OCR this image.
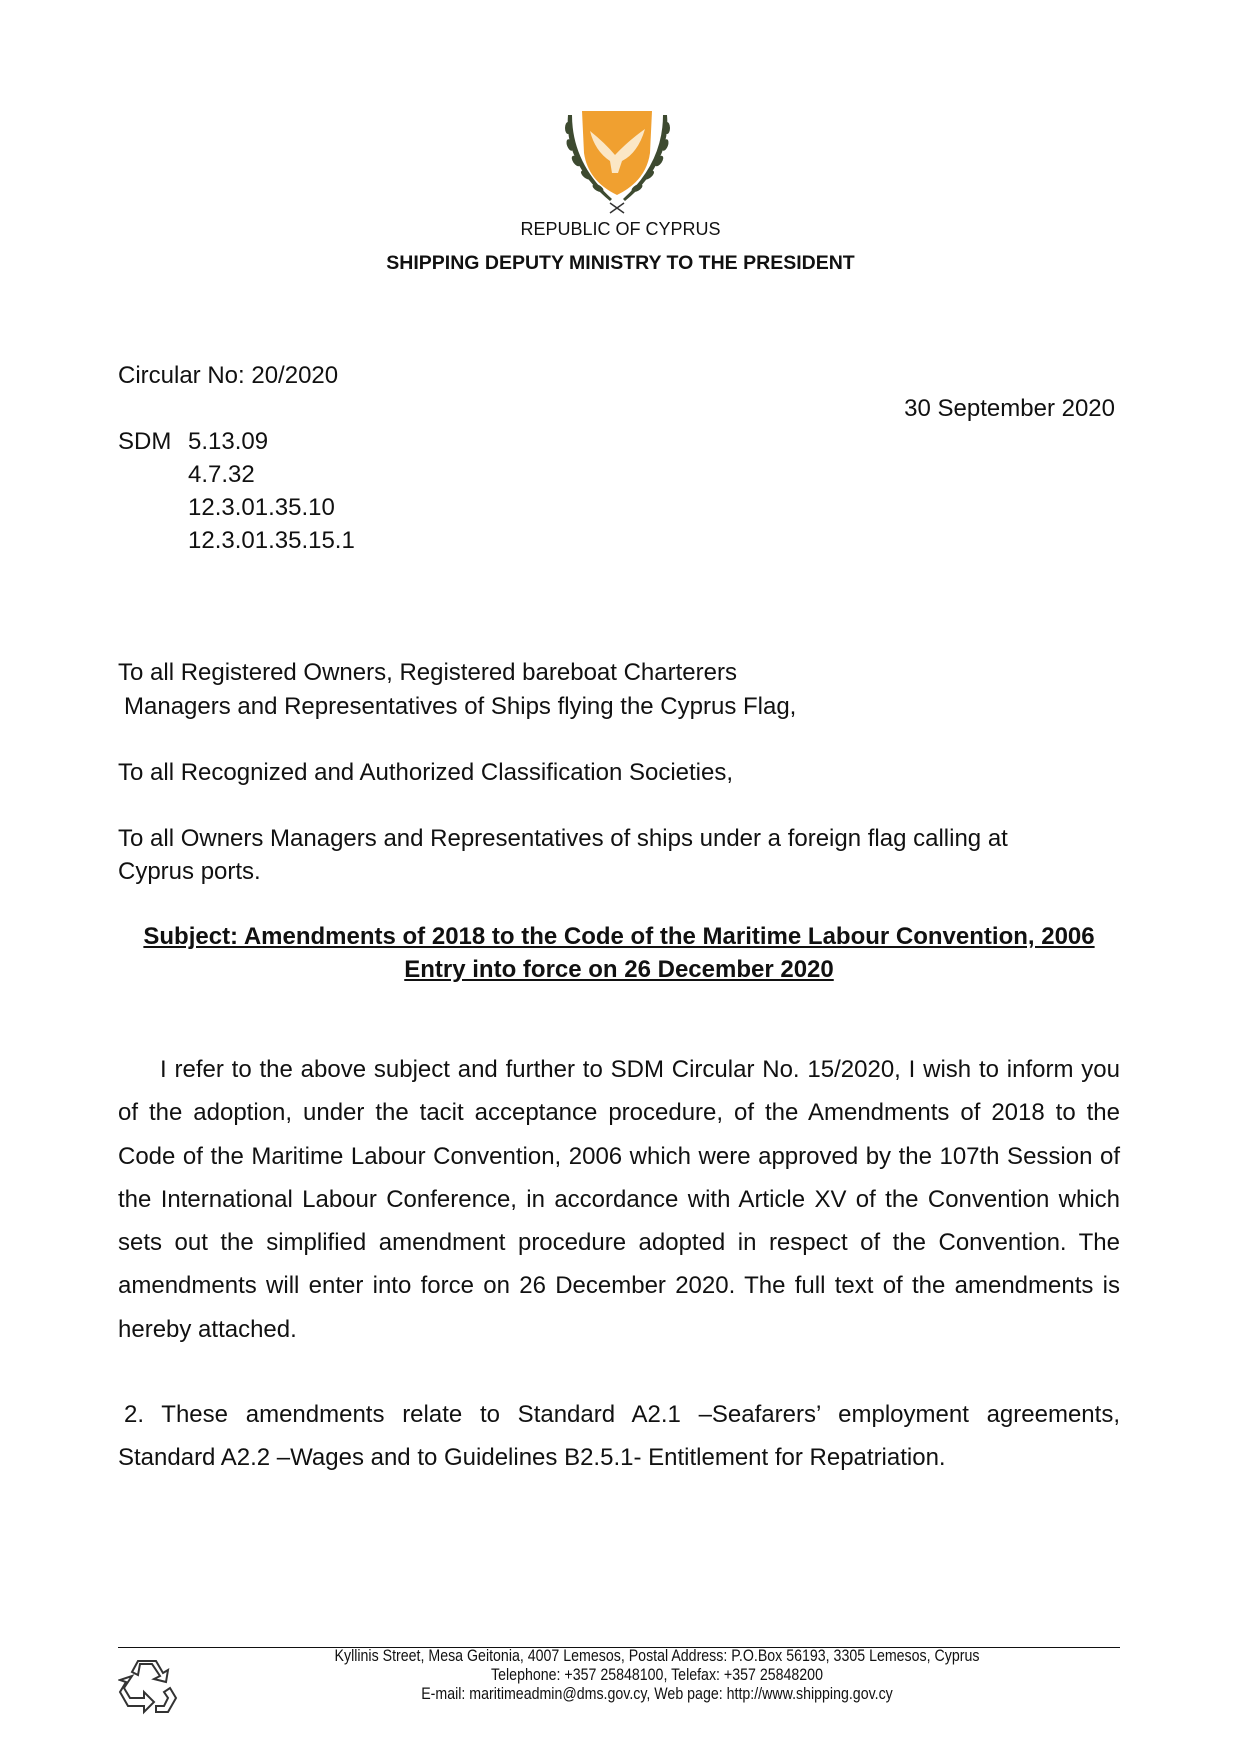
REPUBLIC OF CYPRUS
SHIPPING DEPUTY MINISTRY TO THE PRESIDENT
Circular No: 20/2020
30 September 2020
SDM 5.13.09
4.7.32
12.3.01.35.10
12.3.01.35.15.1
To all Registered Owners, Registered bareboat Charterers
Managers and Representatives of Ships flying the Cyprus Flag,
To all Recognized and Authorized Classification Societies,
To all Owners Managers and Representatives of ships under a foreign flag calling at
Cyprus ports.
Subject: Amendments of 2018 to the Code of the Maritime Labour Convention, 2006
Entry into force on 26 December 2020
I refer to the above subject and further to SDM Circular No. 15/2020, I wish to inform you of the adoption, under the tacit acceptance procedure, of the Amendments of 2018 to the Code of the Maritime Labour Convention, 2006 which were approved by the 107th Session of the International Labour Conference, in accordance with Article XV of the Convention which sets out the simplified amendment procedure adopted in respect of the Convention. The amendments will enter into force on 26 December 2020. The full text of the amendments is hereby attached.
2. These amendments relate to Standard A2.1 –Seafarers’ employment agreements, Standard A2.2 –Wages and to Guidelines B2.5.1- Entitlement for Repatriation.
Kyllinis Street, Mesa Geitonia, 4007 Lemesos, Postal Address: P.O.Box 56193, 3305 Lemesos, Cyprus
Telephone: +357 25848100, Telefax: +357 25848200
E-mail: maritimeadmin@dms.gov.cy, Web page: http://www.shipping.gov.cy
